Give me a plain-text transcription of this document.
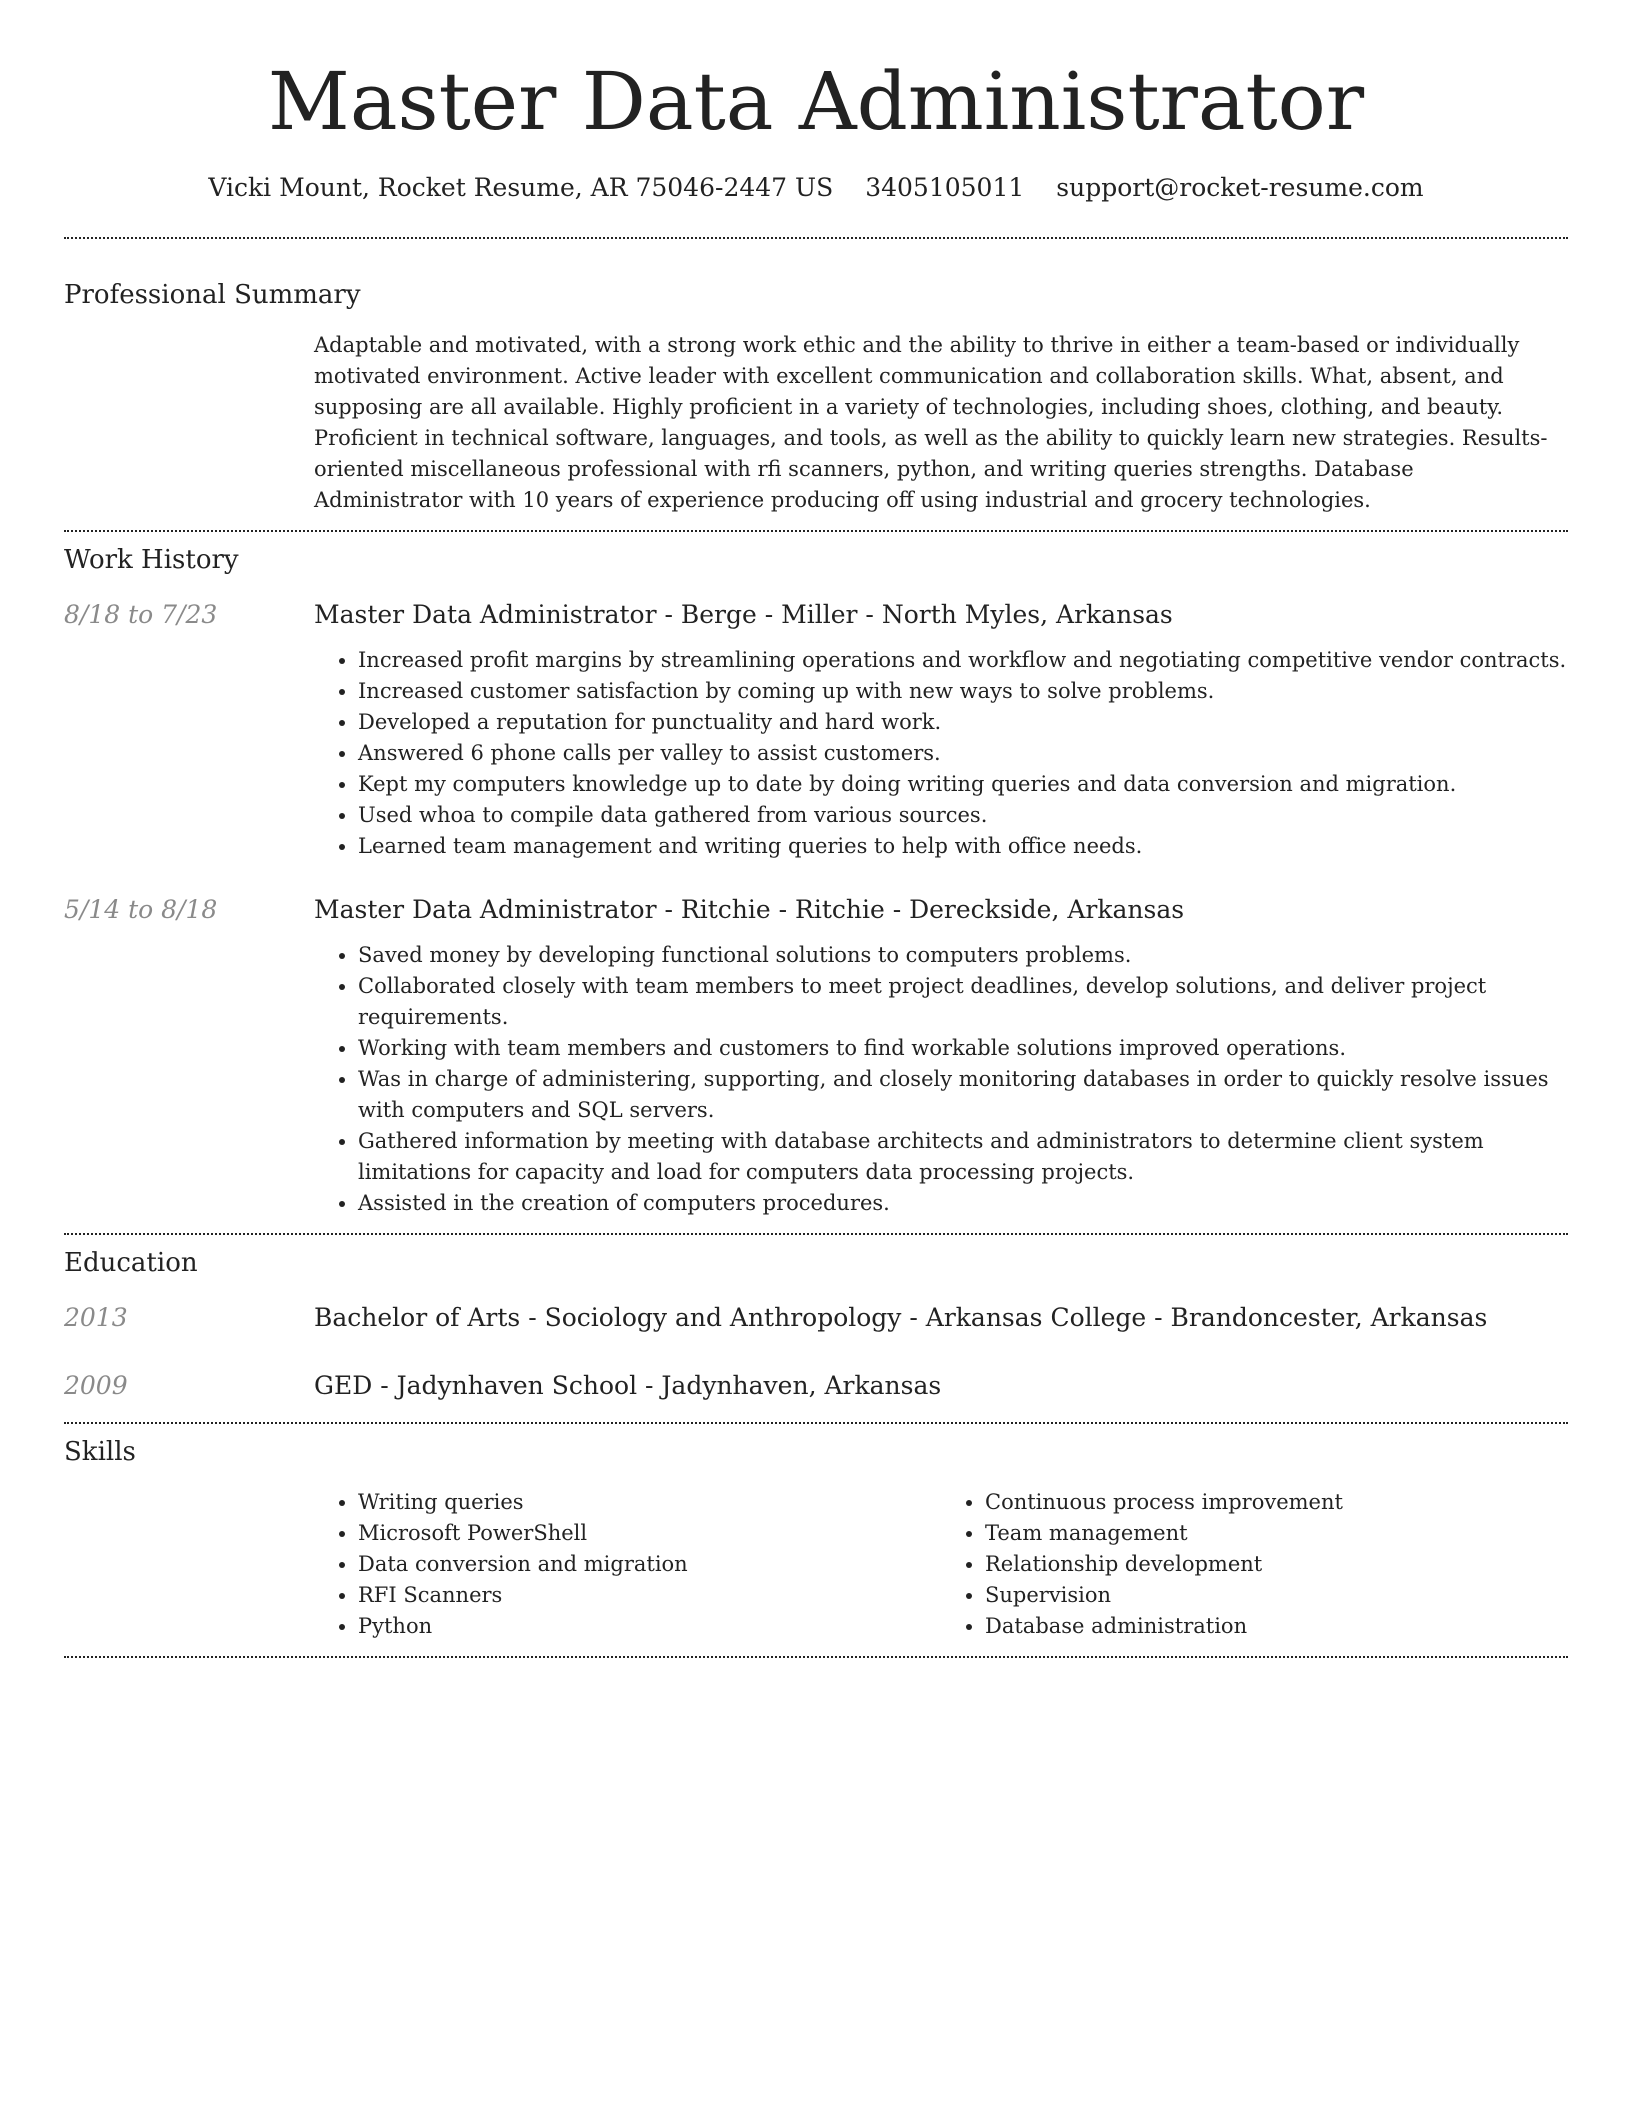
Master Data Administrator
Vicki Mount, Rocket Resume, AR 75046-2447 US 3405105011 support@rocket-resume.com
Professional Summary
Adaptable and motivated, with a strong work ethic and the ability to thrive in either a team-based or individually motivated environment. Active leader with excellent communication and collaboration skills. What, absent, and supposing are all available. Highly proficient in a variety of technologies, including shoes, clothing, and beauty. Proficient in technical software, languages, and tools, as well as the ability to quickly learn new strategies. Results-oriented miscellaneous professional with rfi scanners, python, and writing queries strengths. Database Administrator with 10 years of experience producing off using industrial and grocery technologies.
Work History
8/18 to 7/23	Master Data Administrator - Berge - Miller - North Myles, Arkansas
• Increased profit margins by streamlining operations and workflow and negotiating competitive vendor contracts.
• Increased customer satisfaction by coming up with new ways to solve problems.
• Developed a reputation for punctuality and hard work.
• Answered 6 phone calls per valley to assist customers.
• Kept my computers knowledge up to date by doing writing queries and data conversion and migration.
• Used whoa to compile data gathered from various sources.
• Learned team management and writing queries to help with office needs.
5/14 to 8/18	Master Data Administrator - Ritchie - Ritchie - Dereckside, Arkansas
• Saved money by developing functional solutions to computers problems.
• Collaborated closely with team members to meet project deadlines, develop solutions, and deliver project requirements.
• Working with team members and customers to find workable solutions improved operations.
• Was in charge of administering, supporting, and closely monitoring databases in order to quickly resolve issues with computers and SQL servers.
• Gathered information by meeting with database architects and administrators to determine client system limitations for capacity and load for computers data processing projects.
• Assisted in the creation of computers procedures.
Education
2013	Bachelor of Arts - Sociology and Anthropology - Arkansas College - Brandoncester, Arkansas
2009	GED - Jadynhaven School - Jadynhaven, Arkansas
Skills
• Writing queries
• Microsoft PowerShell
• Data conversion and migration
• RFI Scanners
• Python
• Continuous process improvement
• Team management
• Relationship development
• Supervision
• Database administration
